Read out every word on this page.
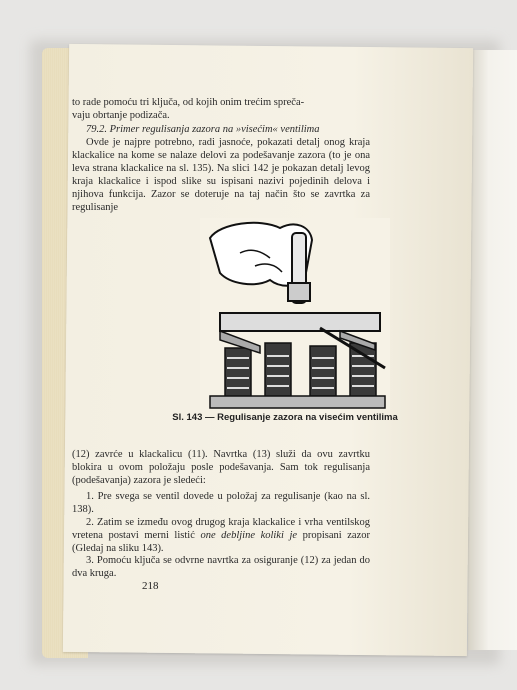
to rade pomoću tri ključa, od kojih onim trećim spreča-

vaju obrtanje podizača.

79.2. Primer regulisanja zazora na »visećim« ventilima

Ovde je najpre potrebno, radi jasnoće, pokazati detalj onog kraja klackalice na kome se nalaze delovi za podešavanje zazora (to je ona leva strana klackalice na sl. 135). Na slici 142 je pokazan detalj levog kraja klackalice i ispod slike su ispisani nazivi pojedinih delova i njihova funkcija. Zazor se doteruje na taj način što se zavrtka za regulisanje

Sl. 143 — Regulisanje zazora na visećim ventilima

(12) zavrće u klackalicu (11). Navrtka (13) služi da ovu zavrtku blokira u ovom položaju posle podešavanja. Sam tok regulisanja (podešavanja) zazora je sledeći:

1. Pre svega se ventil dovede u položaj za regulisanje (kao na sl. 138).

2. Zatim se između ovog drugog kraja klackalice i vrha ventilskog vretena postavi merni listić one debljine koliki je propisani zazor (Gledaj na sliku 143).

3. Pomoću ključa se odvrne navrtka za osiguranje (12) za jedan do dva kruga.

218
